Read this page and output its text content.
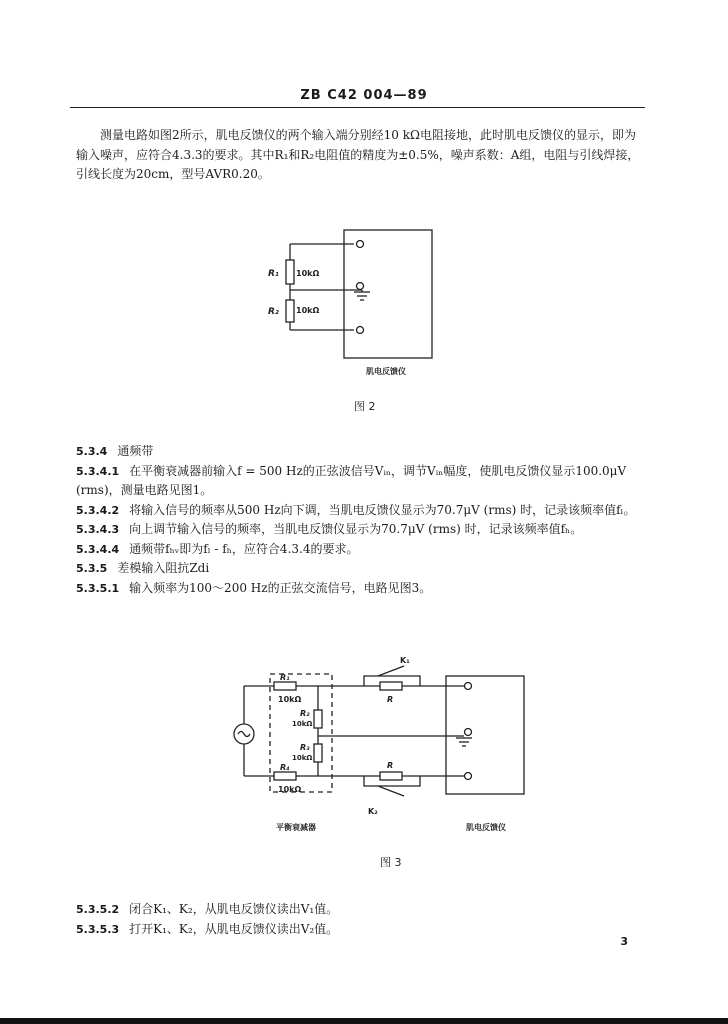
ZB C42 004—89

测量电路如图2所示，肌电反馈仪的两个输入端分别经10 kΩ电阻接地，此时肌电反馈仪的显示，即为输入噪声，应符合4.3.3的要求。其中R₁和R₂电阻值的精度为±0.5%，噪声系数：A组，电阻与引线焊接，引线长度为20cm，型号AVR0.20。

R₁ 10kΩ
R₂ 10kΩ
肌电反馈仪
图 2
5.3.4 通频带
5.3.4.1 在平衡衰减器前输入f = 500 Hz的正弦波信号Vᵢₙ，调节Vᵢₙ幅度，使肌电反馈仪显示100.0μV (rms)，测量电路见图1。
5.3.4.2 将输入信号的频率从500 Hz向下调，当肌电反馈仪显示为70.7μV (rms) 时，记录该频率值fₗ。
5.3.4.3 向上调节输入信号的频率，当肌电反馈仪显示为70.7μV (rms) 时，记录该频率值fₕ。
5.3.4.4 通频带fₕᵥ即为fₗ - fₕ，应符合4.3.4的要求。
5.3.5 差模输入阻抗Zdi
5.3.5.1 输入频率为100～200 Hz的正弦交流信号，电路见图3。
K₁
K₂
R₁
10kΩ
R₂
10kΩ
R₃
10kΩ
R₄
10kΩ
R
R
平衡衰减器	肌电反馈仪
图 3
5.3.5.2 闭合K₁、K₂，从肌电反馈仪读出V₁值。
5.3.5.3 打开K₁、K₂，从肌电反馈仪读出V₂值。
3
